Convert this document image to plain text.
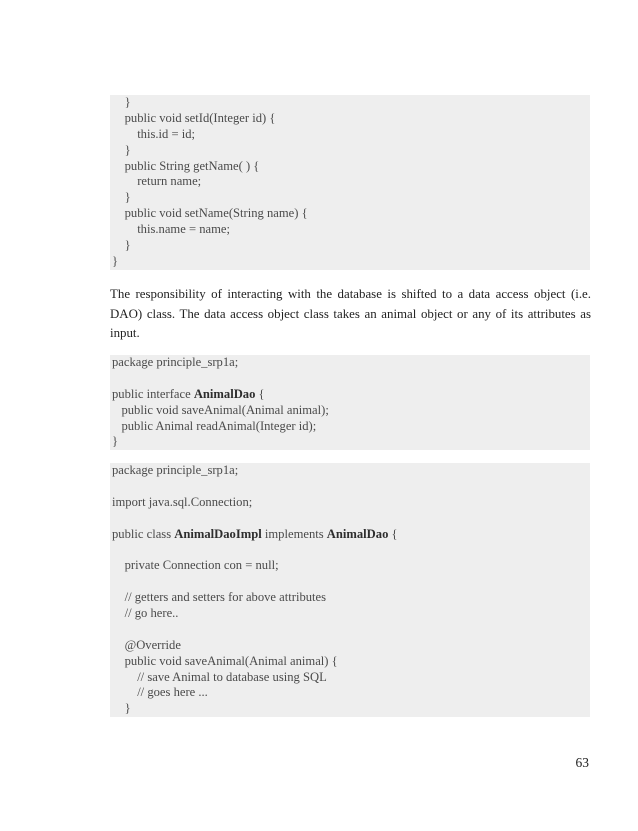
}
public void setId(Integer id) {
this.id = id;
}
public String getName( ) {
return name;
}
public void setName(String name) {
this.name = name;
}
}

The responsibility of interacting with the database is shifted to a data access object (i.e. DAO) class. The data access object class takes an animal object or any of its attributes as input.

package principle_srp1a;
public interface AnimalDao {
public void saveAnimal(Animal animal);
public Animal readAnimal(Integer id);
}
package principle_srp1a;
import java.sql.Connection;
public class AnimalDaoImpl implements AnimalDao {
private Connection con = null;
// getters and setters for above attributes
// go here..
@Override
public void saveAnimal(Animal animal) {
// save Animal to database using SQL
// goes here ...
}
63
